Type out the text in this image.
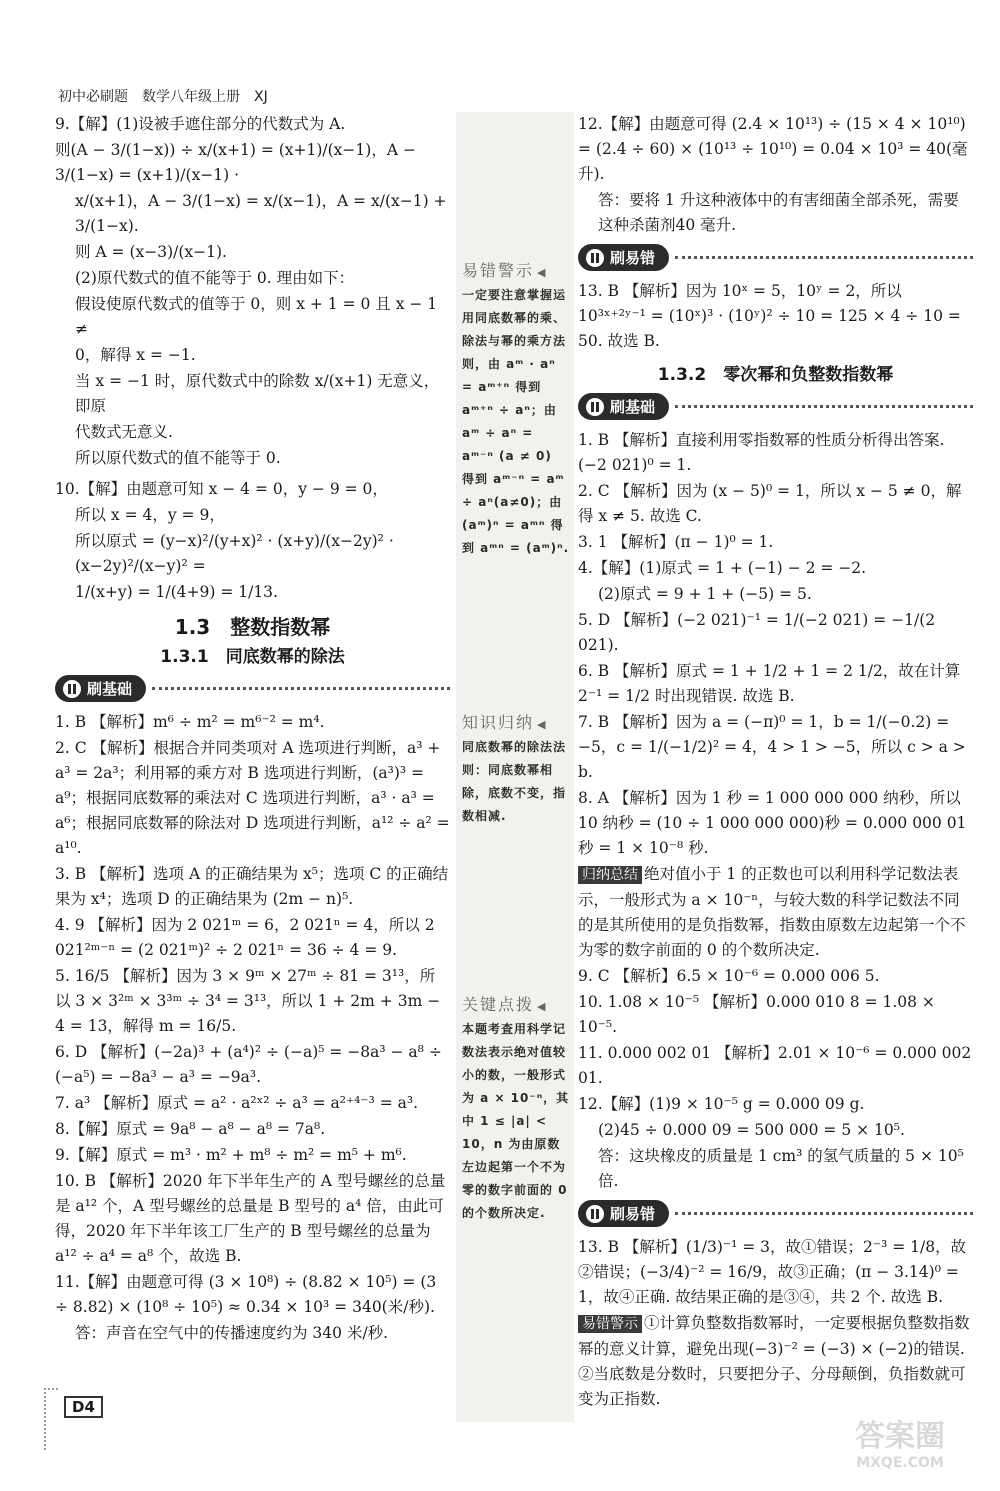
初中必刷题　数学八年级上册　XJ

9.【解】(1)设被手遮住部分的代数式为 A.

则(A − 3/(1−x)) ÷ x/(x+1) = (x+1)/(x−1)，A − 3/(1−x) = (x+1)/(x−1) ·

x/(x+1)，A − 3/(1−x) = x/(x−1)，A = x/(x−1) + 3/(1−x).

则 A = (x−3)/(x−1).

(2)原代数式的值不能等于 0. 理由如下：

假设使原代数式的值等于 0，则 x + 1 = 0 且 x − 1 ≠

0，解得 x = −1.

当 x = −1 时，原代数式中的除数 x/(x+1) 无意义，即原

代数式无意义.

所以原代数式的值不能等于 0.

10.【解】由题意可知 x − 4 = 0，y − 9 = 0，

所以 x = 4，y = 9，

所以原式 = (y−x)²/(y+x)² · (x+y)/(x−2y)² · (x−2y)²/(x−y)² =

1/(x+y) = 1/(4+9) = 1/13.

1.3　整数指数幂
1.3.1　同底数幂的除法
刷基础

1. B 【解析】m⁶ ÷ m² = m⁶⁻² = m⁴.

2. C 【解析】根据合并同类项对 A 选项进行判断，a³ + a³ = 2a³；利用幂的乘方对 B 选项进行判断，(a³)³ = a⁹；根据同底数幂的乘法对 C 选项进行判断，a³ · a³ = a⁶；根据同底数幂的除法对 D 选项进行判断，a¹² ÷ a² = a¹⁰.

3. B 【解析】选项 A 的正确结果为 x⁵；选项 C 的正确结果为 x⁴；选项 D 的正确结果为 (2m − n)⁵.

4. 9 【解析】因为 2 021ᵐ = 6，2 021ⁿ = 4，所以 2 021²ᵐ⁻ⁿ = (2 021ᵐ)² ÷ 2 021ⁿ = 36 ÷ 4 = 9.

5. 16/5 【解析】因为 3 × 9ᵐ × 27ᵐ ÷ 81 = 3¹³，所以 3 × 3²ᵐ × 3³ᵐ ÷ 3⁴ = 3¹³，所以 1 + 2m + 3m − 4 = 13，解得 m = 16/5.

6. D 【解析】(−2a)³ + (a⁴)² ÷ (−a)⁵ = −8a³ − a⁸ ÷ (−a⁵) = −8a³ − a³ = −9a³.

7. a³ 【解析】原式 = a² · a²ˣ² ÷ a³ = a²⁺⁴⁻³ = a³.

8.【解】原式 = 9a⁸ − a⁸ − a⁸ = 7a⁸.

9.【解】原式 = m³ · m² + m⁸ ÷ m² = m⁵ + m⁶.

10. B 【解析】2020 年下半年生产的 A 型号螺丝的总量是 a¹² 个，A 型号螺丝的总量是 B 型号的 a⁴ 倍，由此可得，2020 年下半年该工厂生产的 B 型号螺丝的总量为 a¹² ÷ a⁴ = a⁸ 个，故选 B.

11.【解】由题意可得 (3 × 10⁸) ÷ (8.82 × 10⁵) = (3 ÷ 8.82) × (10⁸ ÷ 10⁵) ≈ 0.34 × 10³ = 340(米/秒).

答：声音在空气中的传播速度约为 340 米/秒.

易错警示 ◀
一定要注意掌握运用同底数幂的乘、除法与幂的乘方法则，由 aᵐ · aⁿ = aᵐ⁺ⁿ 得到 aᵐ⁺ⁿ ÷ aⁿ；由 aᵐ ÷ aⁿ = aᵐ⁻ⁿ (a ≠ 0) 得到 aᵐ⁻ⁿ = aᵐ ÷ aⁿ(a≠0)；由 (aᵐ)ⁿ = aᵐⁿ 得到 aᵐⁿ = (aᵐ)ⁿ.
知识归纳 ◀
同底数幂的除法法则：同底数幂相除，底数不变，指数相减.
关键点拨 ◀
本题考查用科学记数法表示绝对值较小的数，一般形式为 a × 10⁻ⁿ，其中 1 ≤ |a| < 10，n 为由原数左边起第一个不为零的数字前面的 0 的个数所决定.

12.【解】由题意可得 (2.4 × 10¹³) ÷ (15 × 4 × 10¹⁰) = (2.4 ÷ 60) × (10¹³ ÷ 10¹⁰) = 0.04 × 10³ = 40(毫升).

答：要将 1 升这种液体中的有害细菌全部杀死，需要这种杀菌剂40 毫升.

刷易错

13. B 【解析】因为 10ˣ = 5，10ʸ = 2，所以 10³ˣ⁺²ʸ⁻¹ = (10ˣ)³ · (10ʸ)² ÷ 10 = 125 × 4 ÷ 10 = 50. 故选 B.

1.3.2　零次幂和负整数指数幂
刷基础

1. B 【解析】直接利用零指数幂的性质分析得出答案. (−2 021)⁰ = 1.

2. C 【解析】因为 (x − 5)⁰ = 1，所以 x − 5 ≠ 0，解得 x ≠ 5. 故选 C.

3. 1 【解析】(π − 1)⁰ = 1.

4.【解】(1)原式 = 1 + (−1) − 2 = −2.

(2)原式 = 9 + 1 + (−5) = 5.

5. D 【解析】(−2 021)⁻¹ = 1/(−2 021) = −1/(2 021).

6. B 【解析】原式 = 1 + 1/2 + 1 = 2 1/2，故在计算 2⁻¹ = 1/2 时出现错误. 故选 B.

7. B 【解析】因为 a = (−π)⁰ = 1，b = 1/(−0.2) = −5，c = 1/(−1/2)² = 4，4 > 1 > −5，所以 c > a > b.

8. A 【解析】因为 1 秒 = 1 000 000 000 纳秒，所以10 纳秒 = (10 ÷ 1 000 000 000)秒 = 0.000 000 01 秒 = 1 × 10⁻⁸ 秒.

归纳总结 绝对值小于 1 的正数也可以利用科学记数法表示，一般形式为 a × 10⁻ⁿ，与较大数的科学记数法不同的是其所使用的是负指数幂，指数由原数左边起第一个不为零的数字前面的 0 的个数所决定.

9. C 【解析】6.5 × 10⁻⁶ = 0.000 006 5.

10. 1.08 × 10⁻⁵ 【解析】0.000 010 8 = 1.08 × 10⁻⁵.

11. 0.000 002 01 【解析】2.01 × 10⁻⁶ = 0.000 002 01.

12.【解】(1)9 × 10⁻⁵ g = 0.000 09 g.

(2)45 ÷ 0.000 09 = 500 000 = 5 × 10⁵.

答：这块橡皮的质量是 1 cm³ 的氢气质量的 5 × 10⁵ 倍.

刷易错

13. B 【解析】(1/3)⁻¹ = 3，故①错误；2⁻³ = 1/8，故②错误；(−3/4)⁻² = 16/9，故③正确；(π − 3.14)⁰ = 1，故④正确. 故结果正确的是③④，共 2 个. 故选 B.

易错警示 ①计算负整数指数幂时，一定要根据负整数指数幂的意义计算，避免出现(−3)⁻² = (−3) × (−2)的错误. ②当底数是分数时，只要把分子、分母颠倒，负指数就可变为正指数.

D4
答案圈
MXQE.COM
